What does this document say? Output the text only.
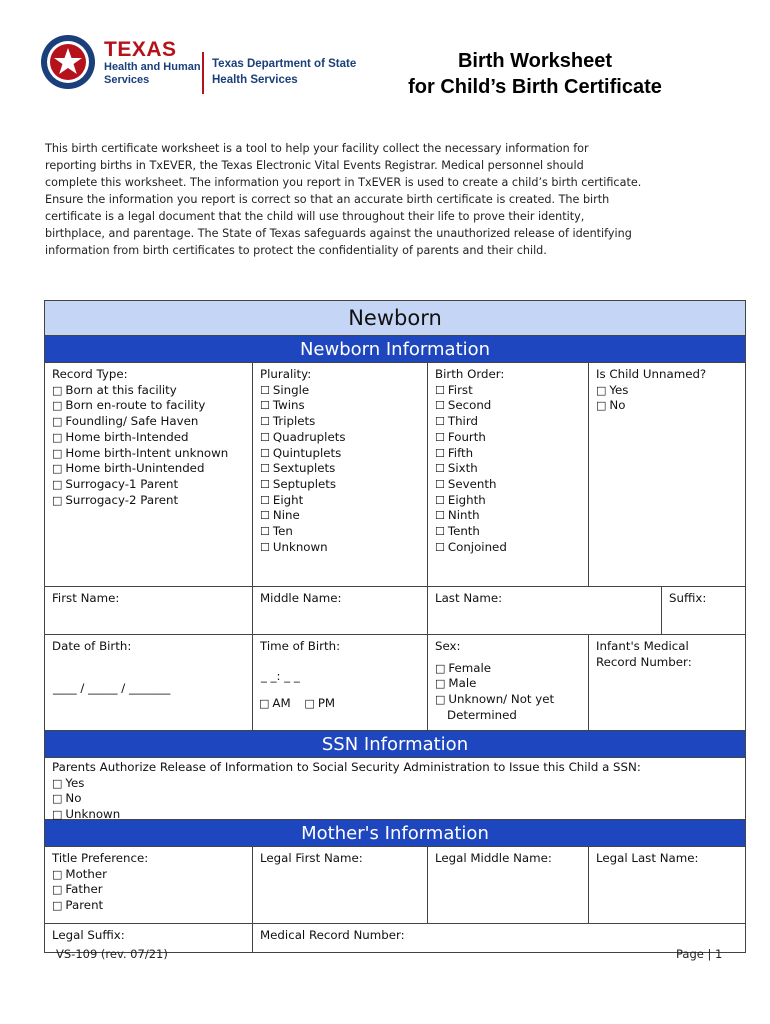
TEXAS
Health and Human
Services
Texas Department of State
Health Services
Birth Worksheet
for Child’s Birth Certificate

This birth certificate worksheet is a tool to help your facility collect the necessary information for

reporting births in TxEVER, the Texas Electronic Vital Events Registrar. Medical personnel should

complete this worksheet. The information you report in TxEVER is used to create a child’s birth certificate.

Ensure the information you report is correct so that an accurate birth certificate is created. The birth

certificate is a legal document that the child will use throughout their life to prove their identity,

birthplace, and parentage. The State of Texas safeguards against the unauthorized release of identifying

information from birth certificates to protect the confidentiality of parents and their child.

Newborn
Newborn Information
Record Type:
□ Born at this facility
□ Born en-route to facility
□ Foundling/ Safe Haven
□ Home birth-Intended
□ Home birth-Intent unknown
□ Home birth-Unintended
□ Surrogacy-1 Parent
□ Surrogacy-2 Parent
Plurality:
☐ Single
☐ Twins
☐ Triplets
☐ Quadruplets
☐ Quintuplets
☐ Sextuplets
☐ Septuplets
☐ Eight
☐ Nine
☐ Ten
☐ Unknown
Birth Order:
☐ First
☐ Second
☐ Third
☐ Fourth
☐ Fifth
☐ Sixth
☐ Seventh
☐ Eighth
☐ Ninth
☐ Tenth
☐ Conjoined
Is Child Unnamed?
□ Yes
□ No
First Name:	Middle Name:	Last Name:	Suffix:
Date of Birth:
____ / _____ / _______
Time of Birth:
_ _: _ _
□ AM □ PM
Sex:
□ Female
□ Male
□ Unknown/ Not yet
Determined
Infant's Medical
Record Number:
SSN Information
Parents Authorize Release of Information to Social Security Administration to Issue this Child a SSN:
□ Yes
□ No
□ Unknown
Mother's Information
Title Preference:
□ Mother
□ Father
□ Parent
Legal First Name:	Legal Middle Name:	Legal Last Name:
Legal Suffix:	Medical Record Number:
VS-109 (rev. 07/21)	Page | 1
